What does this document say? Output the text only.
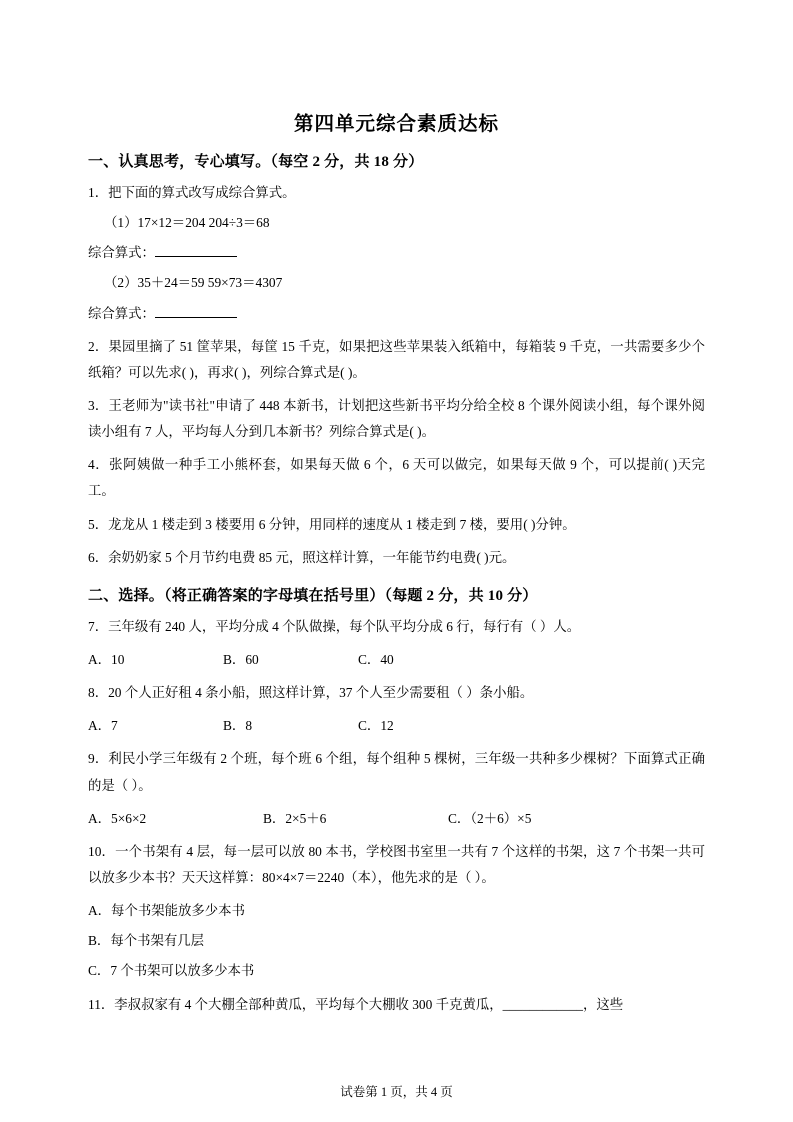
第四单元综合素质达标
一、认真思考，专心填写。（每空 2 分，共 18 分）
1．把下面的算式改写成综合算式。
（1）17×12＝204 204÷3＝68
综合算式：
（2）35＋24＝59 59×73＝4307
综合算式：
2．果园里摘了 51 筐苹果，每筐 15 千克，如果把这些苹果装入纸箱中，每箱装 9 千克，一共需要多少个纸箱？可以先求( )，再求( )，列综合算式是( )。
3．王老师为"读书社"申请了 448 本新书，计划把这些新书平均分给全校 8 个课外阅读小组，每个课外阅读小组有 7 人，平均每人分到几本新书？列综合算式是( )。
4．张阿姨做一种手工小熊杯套，如果每天做 6 个，6 天可以做完，如果每天做 9 个，可以提前( )天完工。
5．龙龙从 1 楼走到 3 楼要用 6 分钟，用同样的速度从 1 楼走到 7 楼，要用( )分钟。
6．余奶奶家 5 个月节约电费 85 元，照这样计算，一年能节约电费( )元。
二、选择。（将正确答案的字母填在括号里）（每题 2 分，共 10 分）
7．三年级有 240 人，平均分成 4 个队做操，每个队平均分成 6 行，每行有（ ）人。
A．10	B．60	C．40
8．20 个人正好租 4 条小船，照这样计算，37 个人至少需要租（ ）条小船。
A．7	B．8	C．12
9．利民小学三年级有 2 个班，每个班 6 个组，每个组种 5 棵树，三年级一共种多少棵树？下面算式正确的是（ ）。
A．5×6×2	B．2×5＋6	C．（2＋6）×5
10．一个书架有 4 层，每一层可以放 80 本书，学校图书室里一共有 7 个这样的书架，这 7 个书架一共可以放多少本书？天天这样算：80×4×7＝2240（本），他先求的是（ ）。
A．每个书架能放多少本书
B．每个书架有几层
C．7 个书架可以放多少本书
11．李叔叔家有 4 个大棚全部种黄瓜，平均每个大棚收 300 千克黄瓜，____________，这些
试卷第 1 页，共 4 页
